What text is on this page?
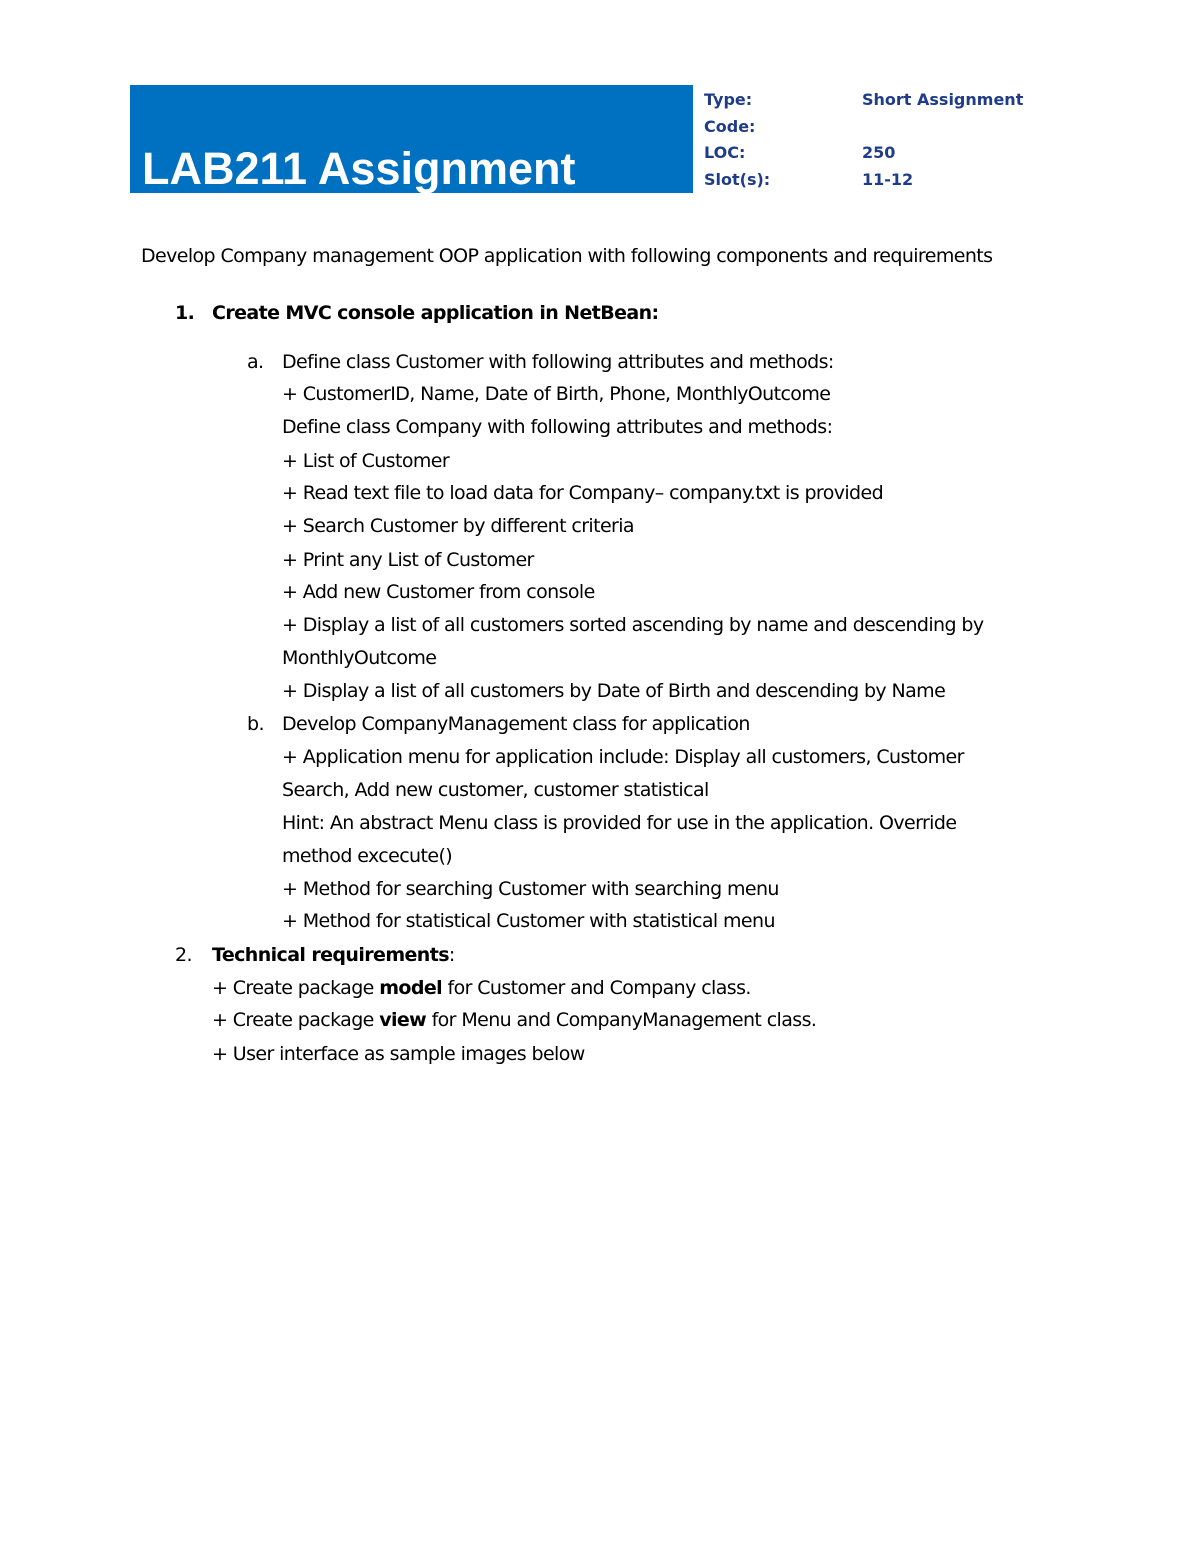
LAB211 Assignment
Type:	Short Assignment
Code:
LOC:	250
Slot(s):	11-12
Develop Company management OOP application with following components and requirements
1. Create MVC console application in NetBean:
a. Define class Customer with following attributes and methods:
+ CustomerID, Name, Date of Birth, Phone, MonthlyOutcome
Define class Company with following attributes and methods:
+ List of Customer
+ Read text file to load data for Company– company.txt is provided
+ Search Customer by different criteria
+ Print any List of Customer
+ Add new Customer from console
+ Display a list of all customers sorted ascending by name and descending by
MonthlyOutcome
+ Display a list of all customers by Date of Birth and descending by Name
b. Develop CompanyManagement class for application
+ Application menu for application include: Display all customers, Customer
Search, Add new customer, customer statistical
Hint: An abstract Menu class is provided for use in the application. Override
method excecute()
+ Method for searching Customer with searching menu
+ Method for statistical Customer with statistical menu
2. Technical requirements:
+ Create package model for Customer and Company class.
+ Create package view for Menu and CompanyManagement class.
+ User interface as sample images below
